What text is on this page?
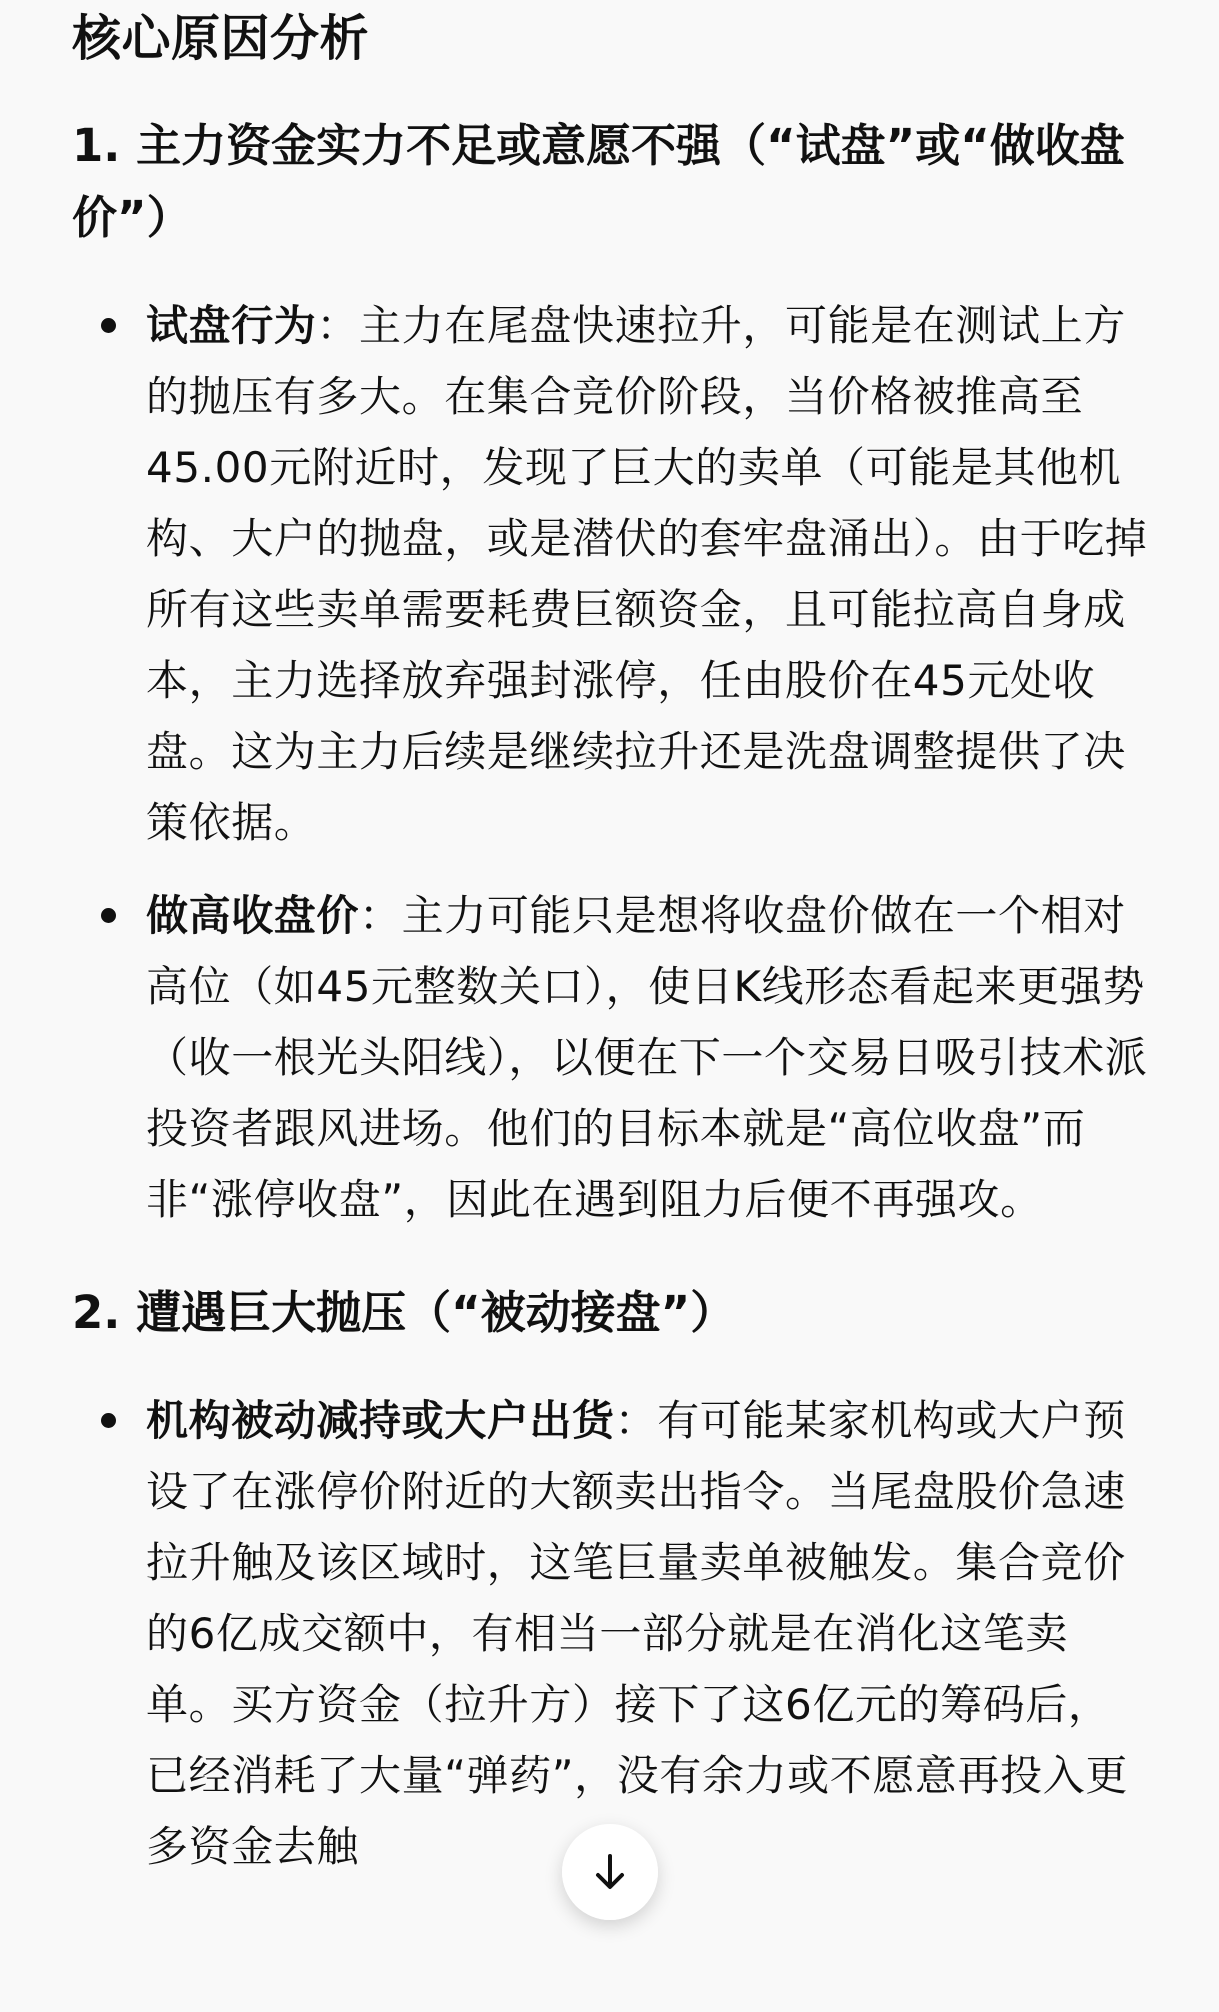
核心原因分析
1. 主力资金实力不足或意愿不强（“试盘”或“做收盘价”）
试盘行为：主力在尾盘快速拉升，可能是在测试上方的抛压有多大。在集合竞价阶段，当价格被推高至45.00元附近时，发现了巨大的卖单（可能是其他机构、大户的抛盘，或是潜伏的套牢盘涌出）。由于吃掉所有这些卖单需要耗费巨额资金，且可能拉高自身成本，主力选择放弃强封涨停，任由股价在45元处收盘。这为主力后续是继续拉升还是洗盘调整提供了决策依据。
做高收盘价：主力可能只是想将收盘价做在一个相对高位（如45元整数关口），使日K线形态看起来更强势（收一根光头阳线），以便在下一个交易日吸引技术派投资者跟风进场。他们的目标本就是“高位收盘”而非“涨停收盘”，因此在遇到阻力后便不再强攻。
2. 遭遇巨大抛压（“被动接盘”）
机构被动减持或大户出货：有可能某家机构或大户预设了在涨停价附近的大额卖出指令。当尾盘股价急速拉升触及该区域时，这笔巨量卖单被触发。集合竞价的6亿成交额中，有相当一部分就是在消化这笔卖单。买方资金（拉升方）接下了这6亿元的筹码后，已经消耗了大量“弹药”，没有余力或不愿意再投入更多资金去触
